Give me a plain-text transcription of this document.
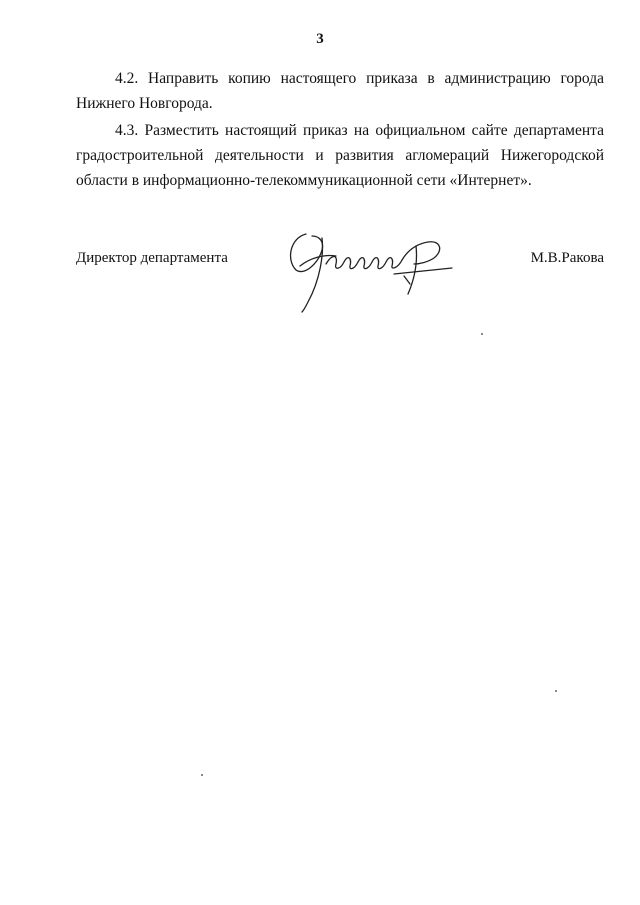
3

4.2. Направить копию настоящего приказа в администрацию города Нижнего Новгорода.

4.3. Разместить настоящий приказ на официальном сайте департамента градостроительной деятельности и развития агломераций Нижегородской области в информационно-телекоммуникационной сети «Интернет».

Директор департамента	М.В.Ракова
